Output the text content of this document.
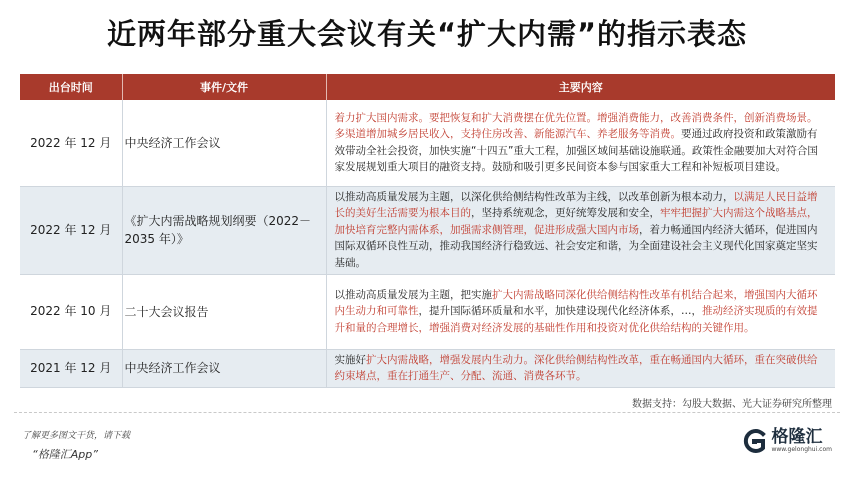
近两年部分重大会议有关“扩大内需”的指示表态
出台时间	事件/文件	主要内容
2022 年 12 月	中央经济工作会议	着力扩大国内需求。要把恢复和扩大消费摆在优先位置。增强消费能力，改善消费条件，创新消费场景。多渠道增加城乡居民收入，支持住房改善、新能源汽车、养老服务等消费。要通过政府投资和政策激励有效带动全社会投资，加快实施“十四五”重大工程，加强区域间基础设施联通。政策性金融要加大对符合国家发展规划重大项目的融资支持。鼓励和吸引更多民间资本参与国家重大工程和补短板项目建设。
2022 年 12 月	《扩大内需战略规划纲要（2022－2035 年）》	以推动高质量发展为主题，以深化供给侧结构性改革为主线，以改革创新为根本动力，以满足人民日益增长的美好生活需要为根本目的，坚持系统观念，更好统筹发展和安全，牢牢把握扩大内需这个战略基点，加快培育完整内需体系，加强需求侧管理，促进形成强大国内市场，着力畅通国内经济大循环，促进国内国际双循环良性互动，推动我国经济行稳致远、社会安定和谐，为全面建设社会主义现代化国家奠定坚实基础。
2022 年 10 月	二十大会议报告	以推动高质量发展为主题，把实施扩大内需战略同深化供给侧结构性改革有机结合起来，增强国内大循环内生动力和可靠性，提升国际循环质量和水平，加快建设现代化经济体系，…，推动经济实现质的有效提升和量的合理增长，增强消费对经济发展的基础性作用和投资对优化供给结构的关键作用。
2021 年 12 月	中央经济工作会议	实施好扩大内需战略，增强发展内生动力。深化供给侧结构性改革，重在畅通国内大循环，重在突破供给约束堵点，重在打通生产、分配、流通、消费各环节。
数据支持：勾股大数据、光大证券研究所整理
了解更多图文干货，请下载
“格隆汇App”
格隆汇
www.gelonghui.com
